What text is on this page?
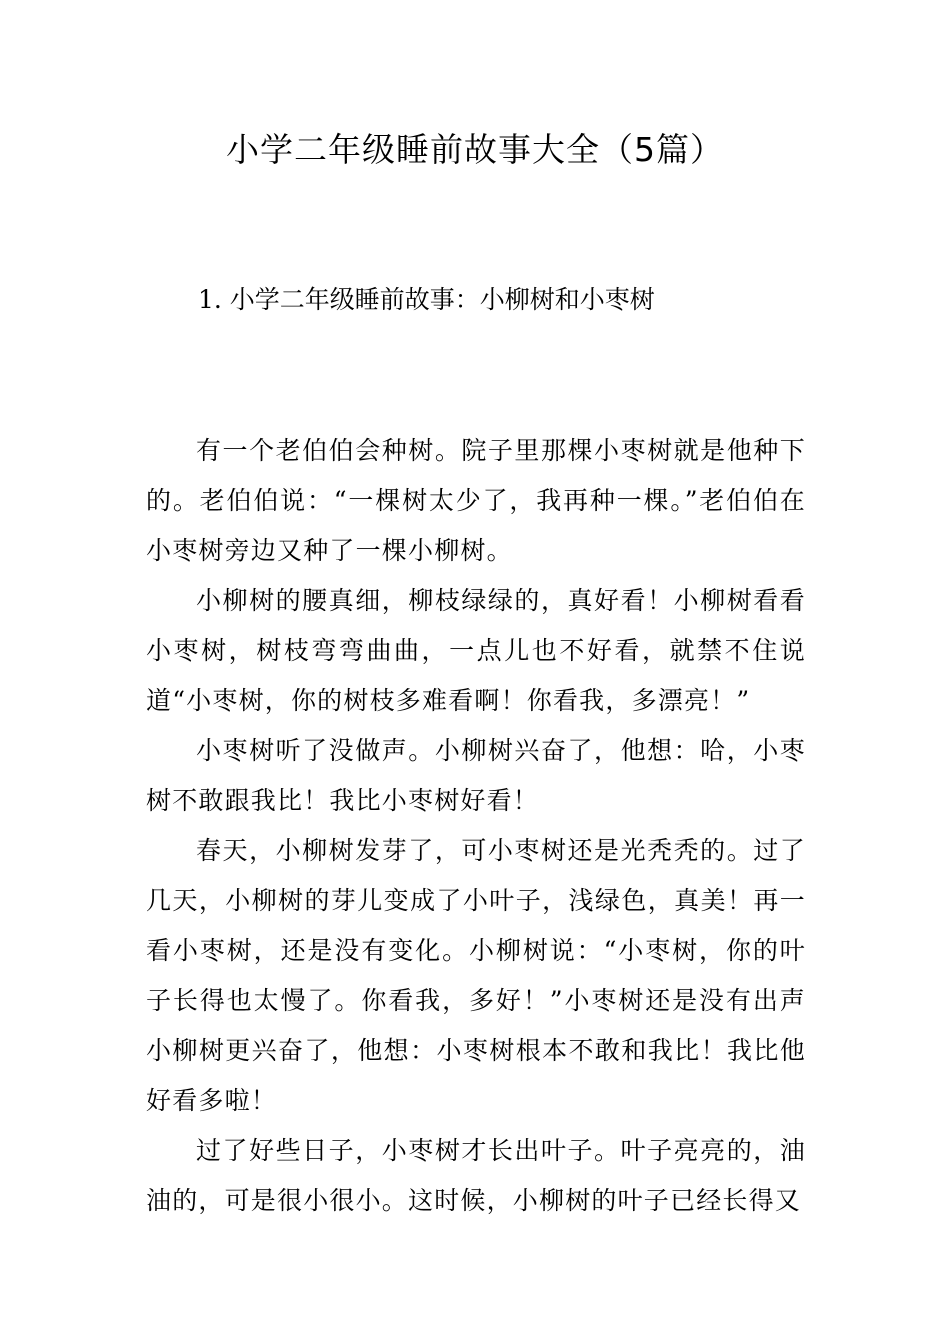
小学二年级睡前故事大全（5篇）
1. 小学二年级睡前故事：小柳树和小枣树

有一个老伯伯会种树。院子里那棵小枣树就是他种下的。老伯伯说：“一棵树太少了，我再种一棵。”老伯伯在小枣树旁边又种了一棵小柳树。

小柳树的腰真细，柳枝绿绿的，真好看！小柳树看看小枣树，树枝弯弯曲曲，一点儿也不好看，就禁不住说道“小枣树，你的树枝多难看啊！你看我，多漂亮！”

小枣树听了没做声。小柳树兴奋了，他想：哈，小枣树不敢跟我比！我比小枣树好看！

春天，小柳树发芽了，可小枣树还是光秃秃的。过了几天，小柳树的芽儿变成了小叶子，浅绿色，真美！再一看小枣树，还是没有变化。小柳树说：“小枣树，你的叶子长得也太慢了。你看我，多好！”小枣树还是没有出声小柳树更兴奋了，他想：小枣树根本不敢和我比！我比他好看多啦！

过了好些日子，小枣树才长出叶子。叶子亮亮的，油油的，可是很小很小。这时候，小柳树的叶子已经长得又
